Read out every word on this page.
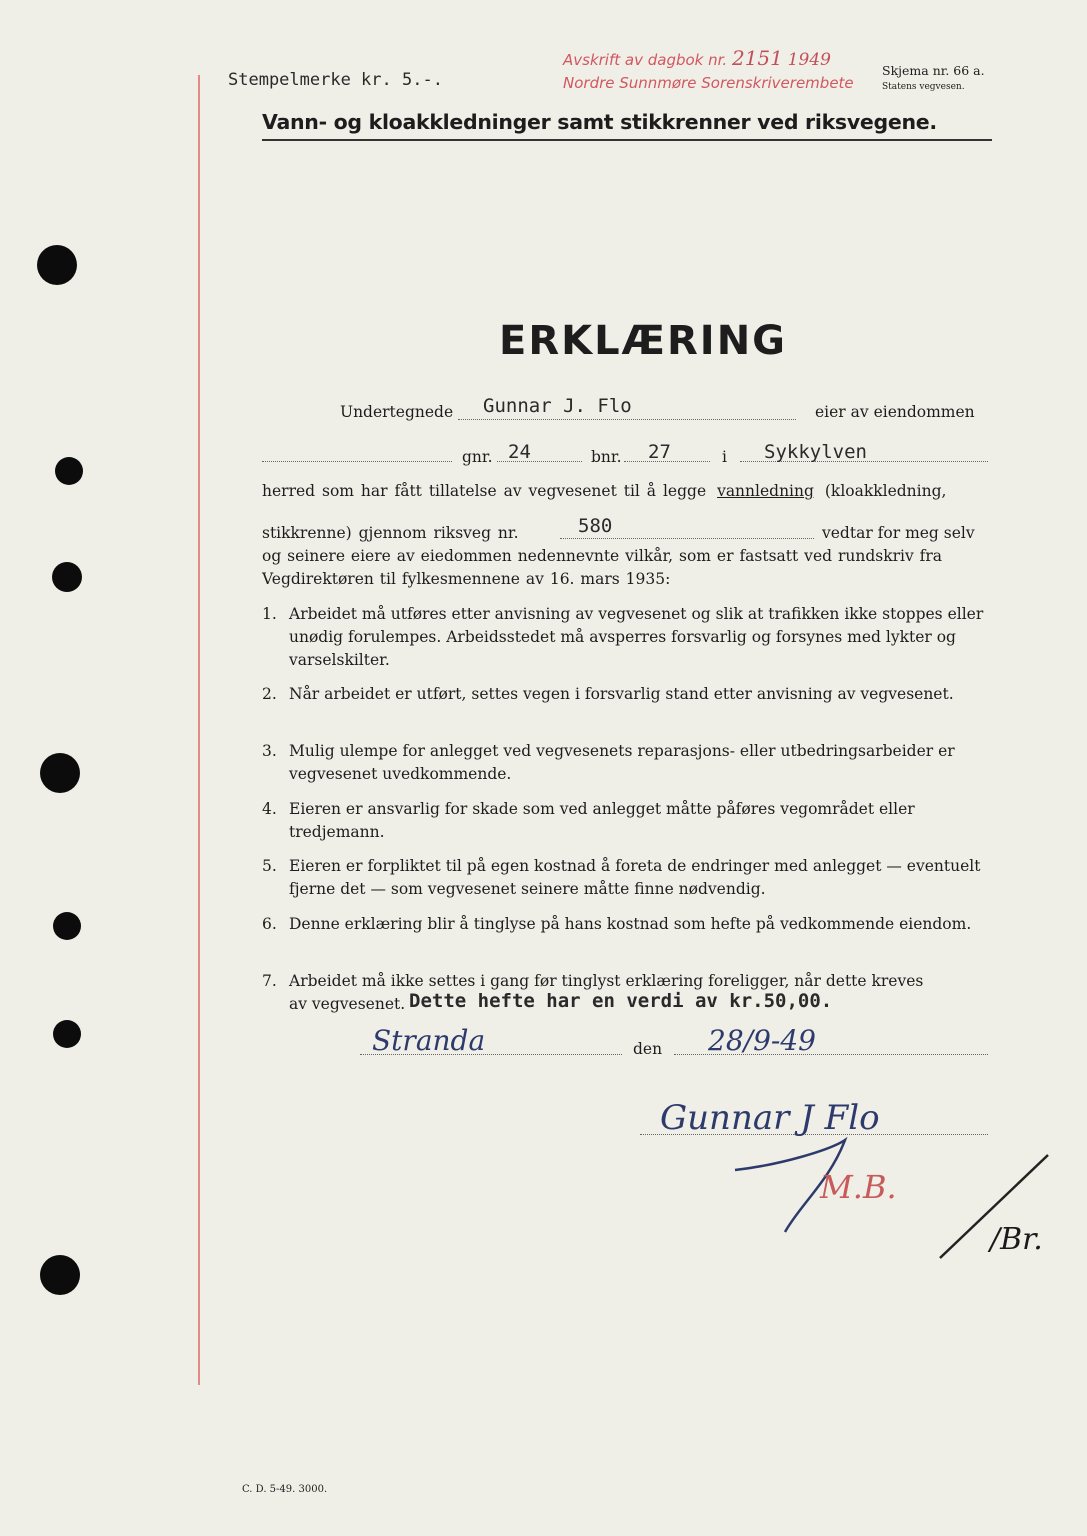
Stempelmerke kr. 5.-.
Avskrift av dagbok nr. 2151 1949
Nordre Sunnmøre Sorenskriverembete
Skjema nr. 66 a.
Statens vegvesen.
Vann- og kloakkledninger samt stikkrenner ved riksvegene.
ERKLÆRING
Undertegnede Gunnar J. Flo	eier av eiendommen
gnr. 24	bnr. 27	i Sykkylven
herred som har fått tillatelse av vegvesenet til å legge vannledning (kloakkledning,
stikkrenne) gjennom riksveg nr.	580	vedtar for meg selv
og seinere eiere av eiedommen nedennevnte vilkår, som er fastsatt ved rundskriv fra
Vegdirektøren til fylkesmennene av 16. mars 1935:
1. Arbeidet må utføres etter anvisning av vegvesenet og slik at trafikken ikke stoppes eller unødig forulempes. Arbeidsstedet må avsperres forsvarlig og forsynes med lykter og varselskilter.
2. Når arbeidet er utført, settes vegen i forsvarlig stand etter anvisning av vegvesenet.
3. Mulig ulempe for anlegget ved vegvesenets reparasjons- eller utbedringsarbeider er vegvesenet uvedkommende.
4. Eieren er ansvarlig for skade som ved anlegget måtte påføres vegområdet eller tredjemann.
5. Eieren er forpliktet til på egen kostnad å foreta de endringer med anlegget — eventuelt fjerne det — som vegvesenet seinere måtte finne nødvendig.
6. Denne erklæring blir å tinglyse på hans kostnad som hefte på vedkommende eiendom.
7. Arbeidet må ikke settes i gang før tinglyst erklæring foreligger, når dette kreves
av vegvesenet. Dette hefte har en verdi av kr.50,00.
Stranda	den 28/9-49
Gunnar J Flo
M.B.
/Br.
C. D. 5-49. 3000.
